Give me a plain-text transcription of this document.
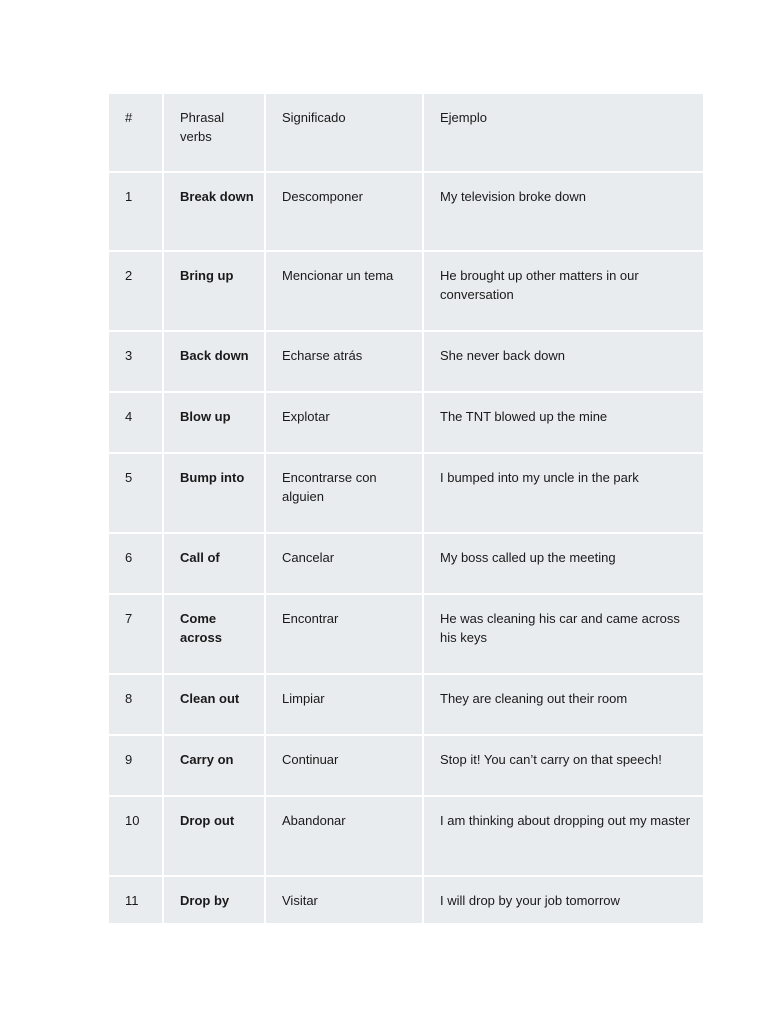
#	Phrasal verbs	Significado	Ejemplo
1	Break down	Descomponer	My television broke down
2	Bring up	Mencionar un tema	He brought up other matters in our conversation
3	Back down	Echarse atrás	She never back down
4	Blow up	Explotar	The TNT blowed up the mine
5	Bump into	Encontrarse con alguien	I bumped into my uncle in the park
6	Call of	Cancelar	My boss called up the meeting
7	Come across	Encontrar	He was cleaning his car and came across his keys
8	Clean out	Limpiar	They are cleaning out their room
9	Carry on	Continuar	Stop it! You can’t carry on that speech!
10	Drop out	Abandonar	I am thinking about dropping out my master
11	Drop by	Visitar	I will drop by your job tomorrow
